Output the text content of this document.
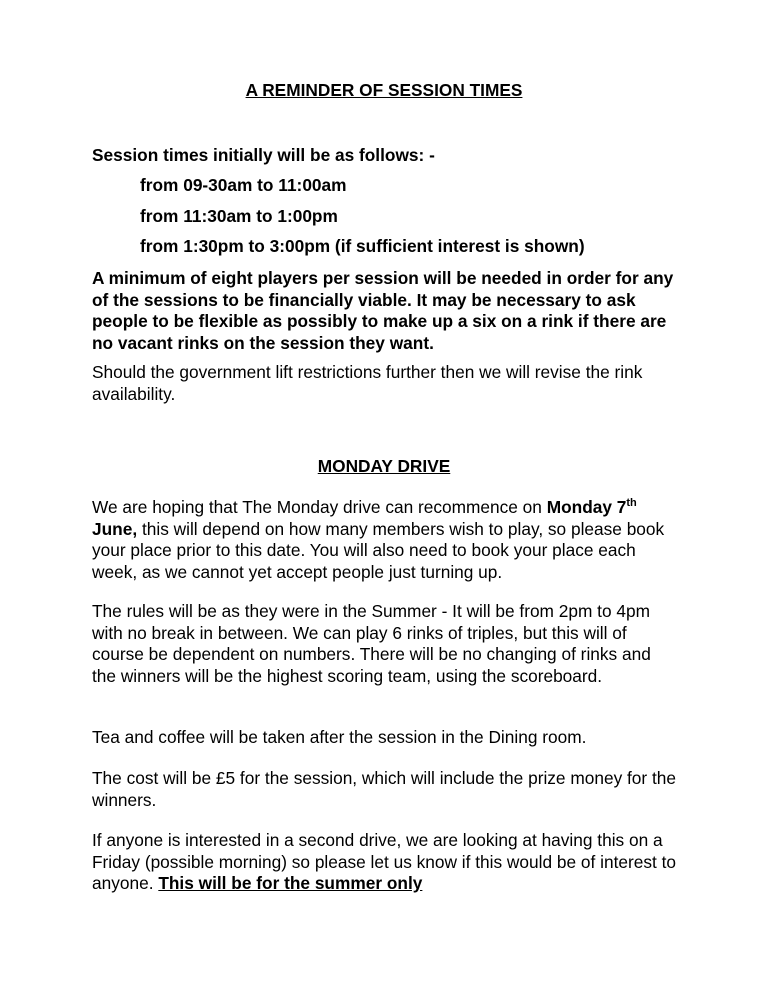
A REMINDER OF SESSION TIMES
Session times initially will be as follows: -
from 09-30am to 11:00am
from 11:30am to 1:00pm
from 1:30pm to 3:00pm (if sufficient interest is shown)

A minimum of eight players per session will be needed in order for any of the sessions to be financially viable. It may be necessary to ask people to be flexible as possibly to make up a six on a rink if there are no vacant rinks on the session they want.

Should the government lift restrictions further then we will revise the rink availability.

MONDAY DRIVE

We are hoping that The Monday drive can recommence on Monday 7th June, this will depend on how many members wish to play, so please book your place prior to this date. You will also need to book your place each week, as we cannot yet accept people just turning up.

The rules will be as they were in the Summer - It will be from 2pm to 4pm with no break in between. We can play 6 rinks of triples, but this will of course be dependent on numbers. There will be no changing of rinks and the winners will be the highest scoring team, using the scoreboard.

Tea and coffee will be taken after the session in the Dining room.

The cost will be £5 for the session, which will include the prize money for the winners.

If anyone is interested in a second drive, we are looking at having this on a Friday (possible morning) so please let us know if this would be of interest to anyone. This will be for the summer only
